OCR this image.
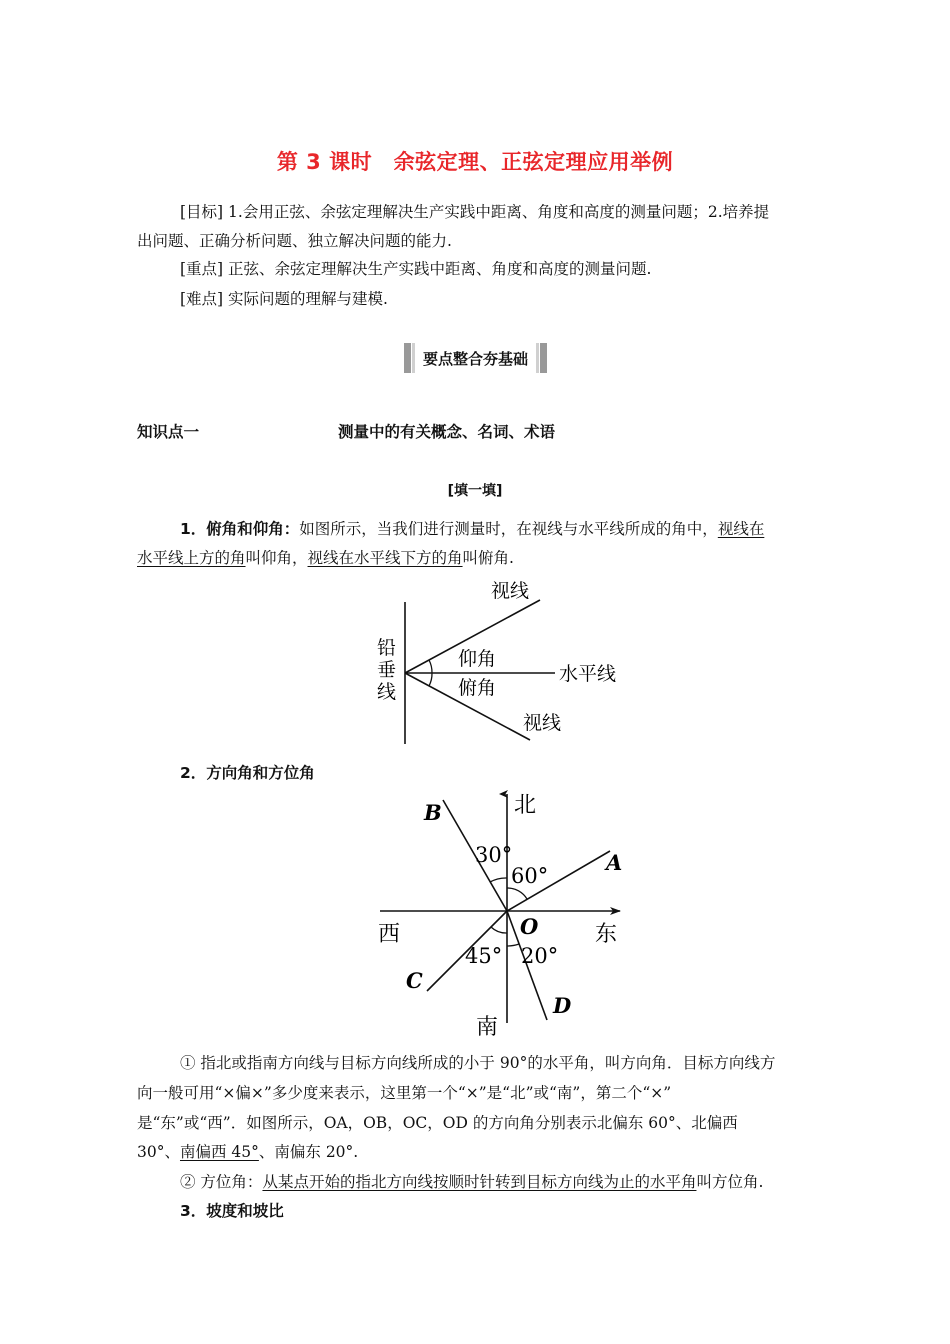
第 3 课时　余弦定理、正弦定理应用举例
[目标] 1.会用正弦、余弦定理解决生产实践中距离、角度和高度的测量问题；2.培养提
出问题、正确分析问题、独立解决问题的能力.
[重点] 正弦、余弦定理解决生产实践中距离、角度和高度的测量问题.
[难点] 实际问题的理解与建模.
要点整合夯基础
知识点一	测量中的有关概念、名词、术语
[填一填]
1．俯角和仰角：如图所示，当我们进行测量时，在视线与水平线所成的角中，视线在
水平线上方的角叫仰角，视线在水平线下方的角叫俯角.
铅
垂
线
视线
仰角
俯角
水平线
视线
2．方向角和方位角
北
南
西	东
O
A
B
C
D
30°
60°
45° 20°
① 指北或指南方向线与目标方向线所成的小于 90°的水平角，叫方向角．目标方向线方
向一般可用“×偏×”多少度来表示，这里第一个“×”是“北”或“南”，第二个“×”
是“东”或“西”．如图所示，OA，OB，OC，OD 的方向角分别表示北偏东 60°、北偏西
30°、南偏西 45°、南偏东 20°.
② 方位角：从某点开始的指北方向线按顺时针转到目标方向线为止的水平角叫方位角.
3．坡度和坡比
